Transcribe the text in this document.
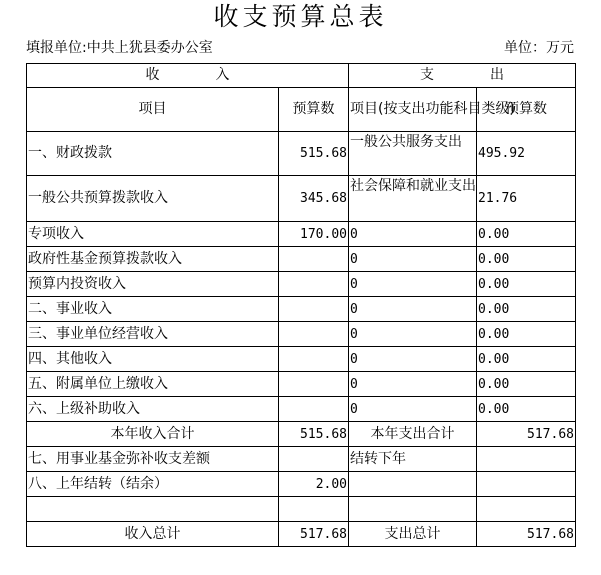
收支预算总表
填报单位:中共上犹县委办公室	单位：万元
收 入		支 出	
项目	预算数	项目(按支出功能科目类级)	预算数
一、财政拨款	515.68	一般公共服务支出	495.92
一般公共预算拨款收入	345.68	社会保障和就业支出	21.76
专项收入	170.00	0	0.00
政府性基金预算拨款收入		0	0.00
预算内投资收入		0	0.00
二、事业收入		0	0.00
三、事业单位经营收入		0	0.00
四、其他收入		0	0.00
五、附属单位上缴收入		0	0.00
六、上级补助收入		0	0.00
本年收入合计	515.68	本年支出合计	517.68
七、用事业基金弥补收支差额		结转下年	
八、上年结转（结余）	2.00		

收入总计	517.68	支出总计	517.68
